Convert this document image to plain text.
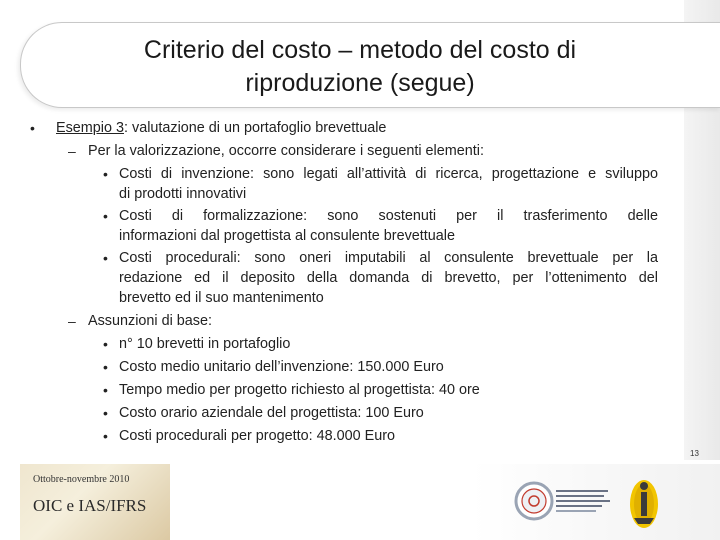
Criterio del costo – metodo del costo di
riproduzione (segue)
• Esempio 3: valutazione di un portafoglio brevettuale
– Per la valorizzazione, occorre considerare i seguenti elementi:
• Costi di invenzione: sono legati all’attività di ricerca, progettazione e sviluppo
di prodotti innovativi
• Costi di formalizzazione: sono sostenuti per il trasferimento delle
informazioni dal progettista al consulente brevettuale
• Costi procedurali: sono oneri imputabili al consulente brevettuale per la
redazione ed il deposito della domanda di brevetto, per l’ottenimento del
brevetto ed il suo mantenimento
– Assunzioni di base:
• n° 10 brevetti in portafoglio
• Costo medio unitario dell’invenzione: 150.000 Euro
• Tempo medio per progetto richiesto al progettista: 40 ore
• Costo orario aziendale del progettista: 100 Euro
• Costi procedurali per progetto: 48.000 Euro
13
Ottobre-novembre 2010
OIC e IAS/IFRS
